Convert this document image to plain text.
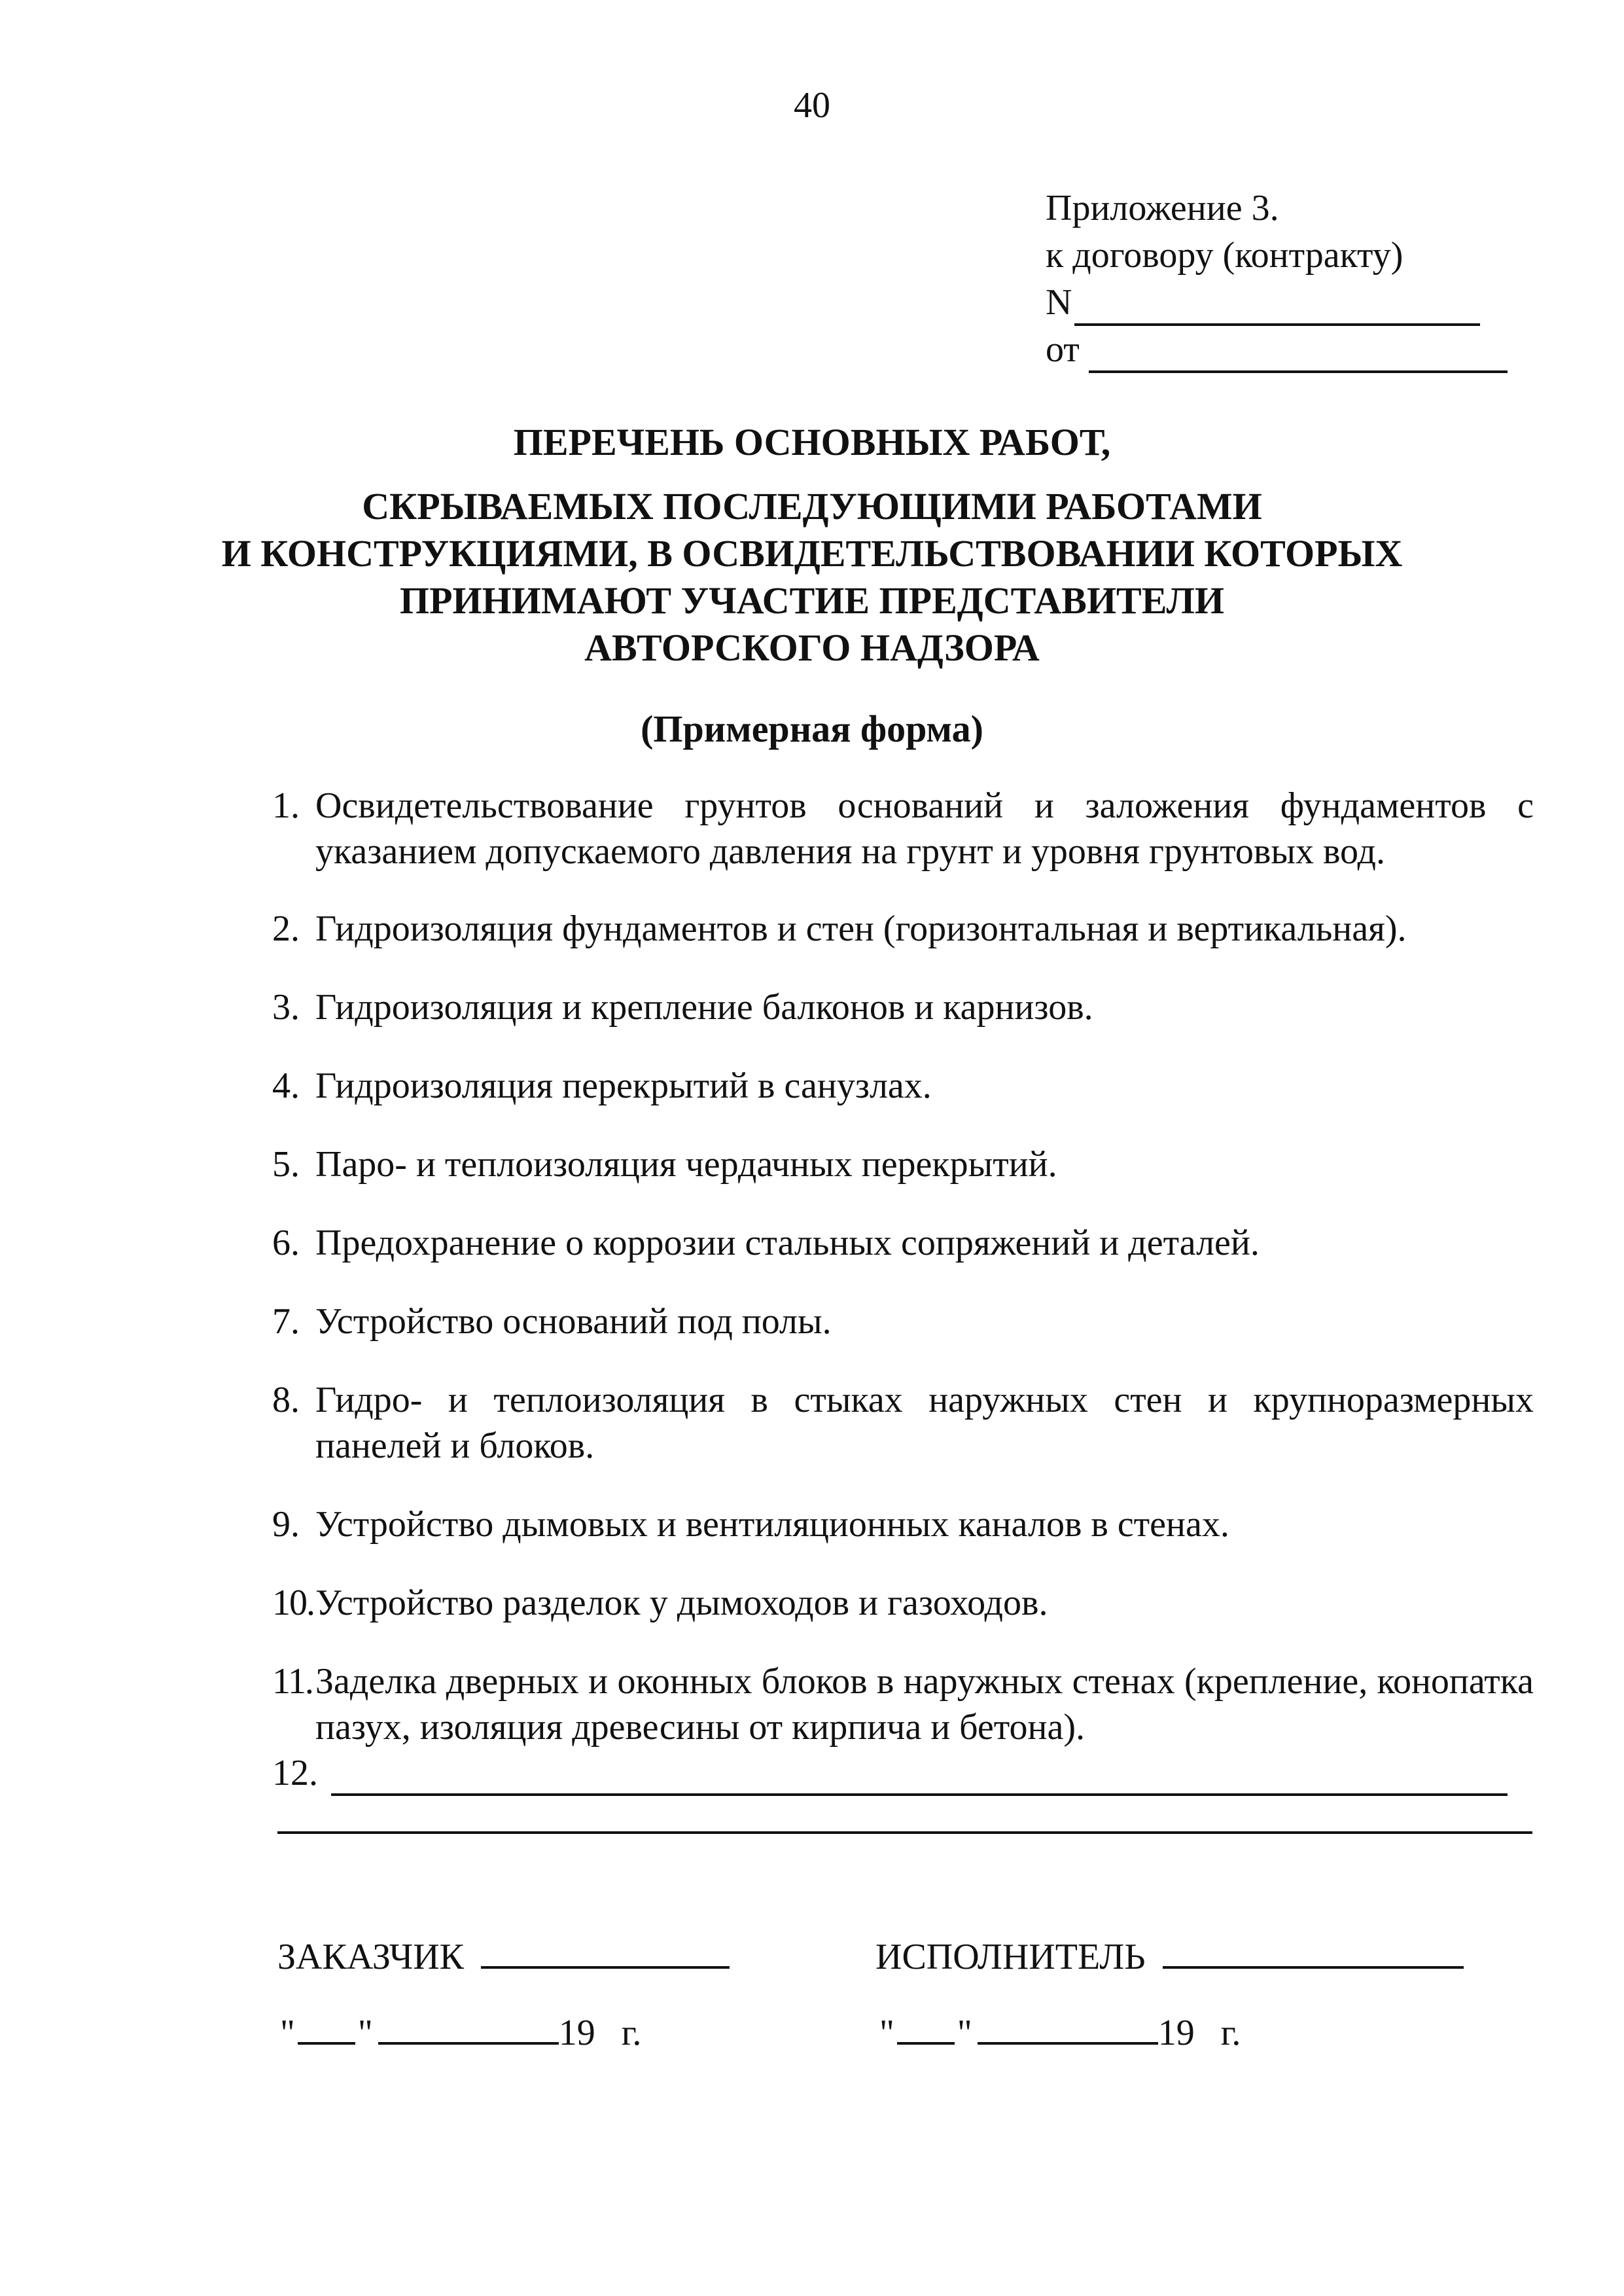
40
Приложение 3.
к договору (контракту)
N
от
ПЕРЕЧЕНЬ ОСНОВНЫХ РАБОТ,
СКРЫВАЕМЫХ ПОСЛЕДУЮЩИМИ РАБОТАМИ
И КОНСТРУКЦИЯМИ, В ОСВИДЕТЕЛЬСТВОВАНИИ КОТОРЫХ
ПРИНИМАЮТ УЧАСТИЕ ПРЕДСТАВИТЕЛИ
АВТОРСКОГО НАДЗОРА
(Примерная форма)
1. Освидетельствование грунтов оснований и заложения фундаментов с указанием допускаемого давления на грунт и уровня грунтовых вод.
2. Гидроизоляция фундаментов и стен (горизонтальная и вертикальная).
3. Гидроизоляция и крепление балконов и карнизов.
4. Гидроизоляция перекрытий в санузлах.
5. Паро- и теплоизоляция чердачных перекрытий.
6. Предохранение о коррозии стальных сопряжений и деталей.
7. Устройство оснований под полы.
8. Гидро- и теплоизоляция в стыках наружных стен и крупноразмерных панелей и блоков.
9. Устройство дымовых и вентиляционных каналов в стенах.
10. Устройство разделок у дымоходов и газоходов.
11. Заделка дверных и оконных блоков в наружных стенах (крепление, конопатка пазух, изоляция древесины от кирпича и бетона).
12.
ЗАКАЗЧИК	ИСПОЛНИТЕЛЬ
" "	19 г.	" "	19 г.
